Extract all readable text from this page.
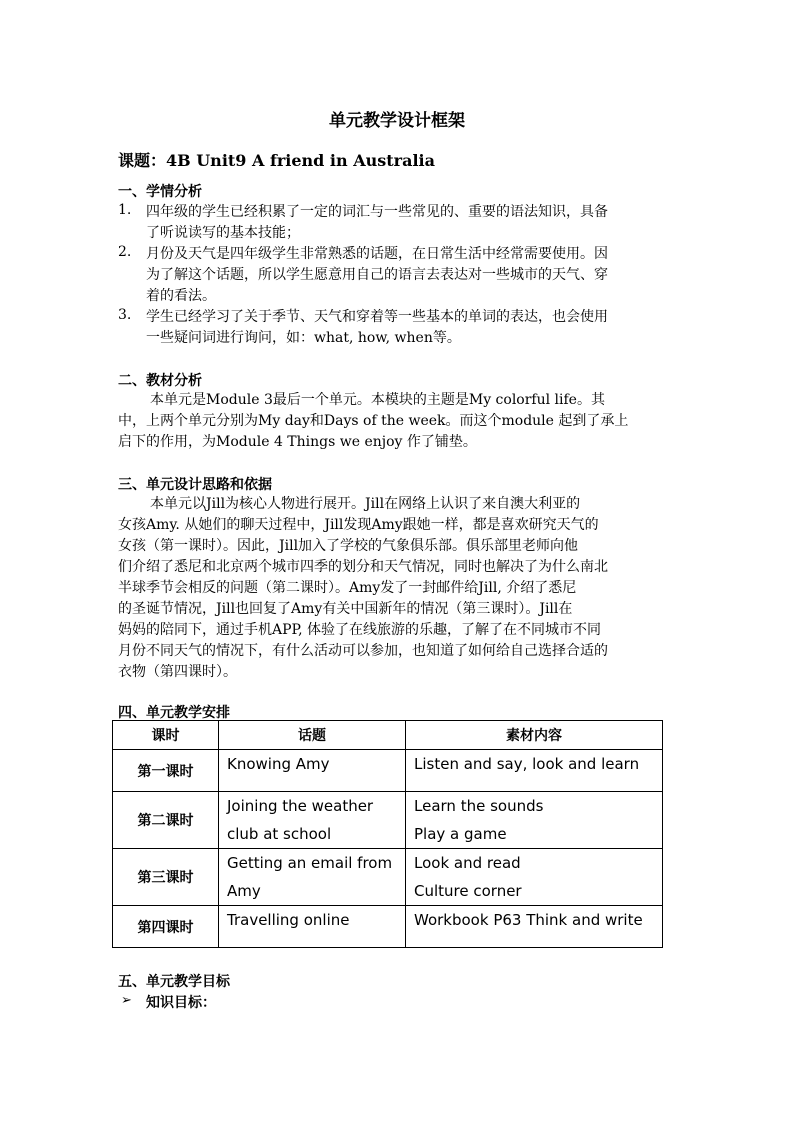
单元教学设计框架
课题：4B Unit9 A friend in Australia
一、学情分析
1. 四年级的学生已经积累了一定的词汇与一些常见的、重要的语法知识，具备
了听说读写的基本技能；
2. 月份及天气是四年级学生非常熟悉的话题，在日常生活中经常需要使用。因
为了解这个话题，所以学生愿意用自己的语言去表达对一些城市的天气、穿
着的看法。
3. 学生已经学习了关于季节、天气和穿着等一些基本的单词的表达，也会使用
一些疑问词进行询问，如：what, how, when等。
二、教材分析
本单元是Module 3最后一个单元。本模块的主题是My colorful life。其
中，上两个单元分别为My day和Days of the week。而这个module 起到了承上
启下的作用，为Module 4 Things we enjoy 作了铺垫。
三、单元设计思路和依据
本单元以Jill为核心人物进行展开。Jill在网络上认识了来自澳大利亚的
女孩Amy. 从她们的聊天过程中，Jill发现Amy跟她一样，都是喜欢研究天气的
女孩（第一课时）。因此，Jill加入了学校的气象俱乐部。俱乐部里老师向他
们介绍了悉尼和北京两个城市四季的划分和天气情况，同时也解决了为什么南北
半球季节会相反的问题（第二课时）。Amy发了一封邮件给Jill, 介绍了悉尼
的圣诞节情况，Jill也回复了Amy有关中国新年的情况（第三课时）。Jill在
妈妈的陪同下，通过手机APP, 体验了在线旅游的乐趣，了解了在不同城市不同
月份不同天气的情况下，有什么活动可以参加，也知道了如何给自己选择合适的
衣物（第四课时）。
四、单元教学安排
课时	话题	素材内容
第一课时	Knowing Amy	Listen and say, look and learn

第二课时	Joining the weather
club at school	Learn the sounds
Play a game

第三课时	Getting an email from
Amy	Look and read
Culture corner

第四课时	Travelling online	Workbook P63 Think and write
五、单元教学目标
➢ 知识目标：
